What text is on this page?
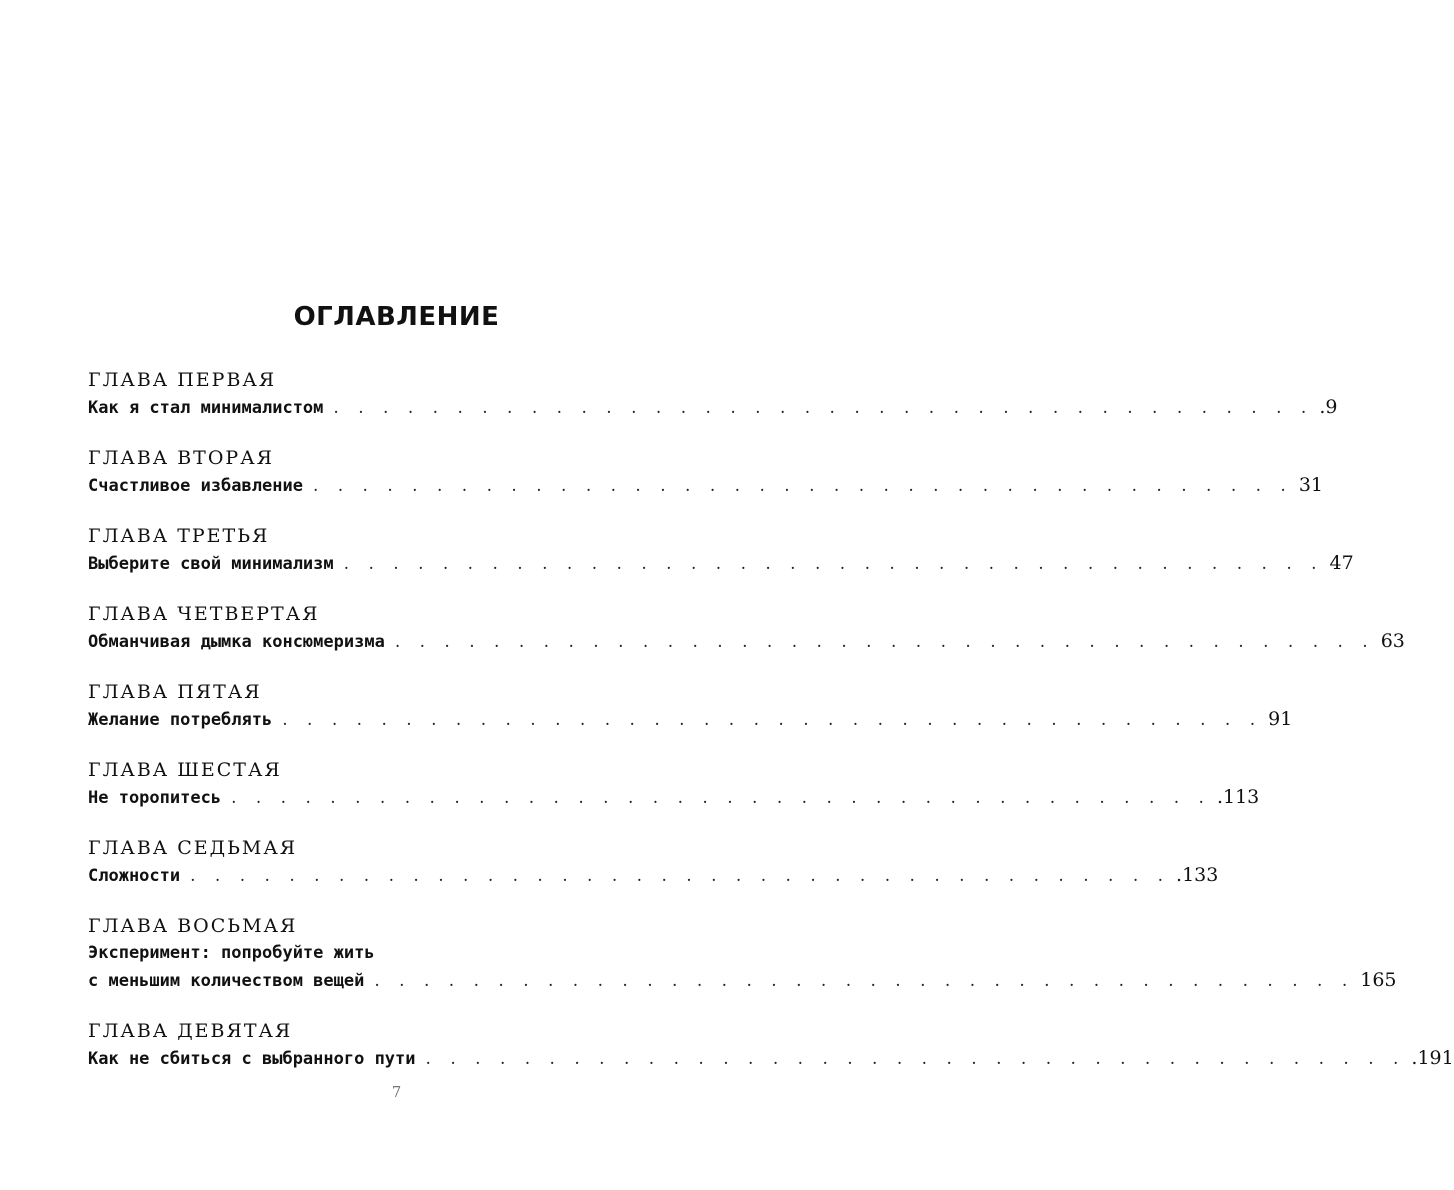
ОГЛАВЛЕНИЕ
ГЛАВА ПЕРВАЯ
Как я стал минималистом . . . . . . . . . . . . . . . . . . . . . . . . . . . . . . . . . . . . . . . . .9
ГЛАВА ВТОРАЯ
Счастливое избавление . . . . . . . . . . . . . . . . . . . . . . . . . . . . . . . . . . . . . . . . 31
ГЛАВА ТРЕТЬЯ
Выберите свой минимализм . . . . . . . . . . . . . . . . . . . . . . . . . . . . . . . . . . . . . . . . 47
ГЛАВА ЧЕТВЕРТАЯ
Обманчивая дымка консюмеризма . . . . . . . . . . . . . . . . . . . . . . . . . . . . . . . . . . . . . . . . 63
ГЛАВА ПЯТАЯ
Желание потреблять . . . . . . . . . . . . . . . . . . . . . . . . . . . . . . . . . . . . . . . . 91
ГЛАВА ШЕСТАЯ
Не торопитесь . . . . . . . . . . . . . . . . . . . . . . . . . . . . . . . . . . . . . . . . .113
ГЛАВА СЕДЬМАЯ
Сложности . . . . . . . . . . . . . . . . . . . . . . . . . . . . . . . . . . . . . . . . .133
ГЛАВА ВОСЬМАЯ
Эксперимент: попробуйте жить
с меньшим количеством вещей . . . . . . . . . . . . . . . . . . . . . . . . . . . . . . . . . . . . . . . . 165
ГЛАВА ДЕВЯТАЯ
Как не сбиться с выбранного пути . . . . . . . . . . . . . . . . . . . . . . . . . . . . . . . . . . . . . . . . .191
7
